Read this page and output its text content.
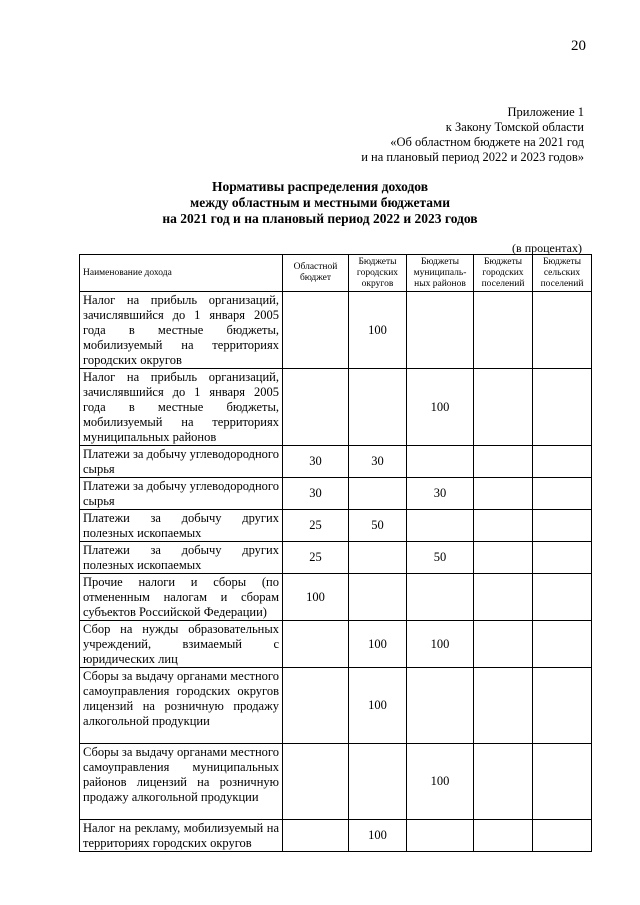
20
Приложение 1
к Закону Томской области
«Об областном бюджете на 2021 год
и на плановый период 2022 и 2023 годов»
Нормативы распределения доходов
между областным и местными бюджетами
на 2021 год и на плановый период 2022 и 2023 годов
(в процентах)
Наименование дохода	Областной бюджет	Бюджеты городских округов	Бюджеты муниципаль-ных районов	Бюджеты городских поселений	Бюджеты сельских поселений
Налог на прибыль организаций, зачислявшийся до 1 января 2005 года в местные бюджеты, мобилизуемый на территориях городских округов		100			
Налог на прибыль организаций, зачислявшийся до 1 января 2005 года в местные бюджеты, мобилизуемый на территориях муниципальных районов			100		
Платежи за добычу углеводородного сырья	30	30			
Платежи за добычу углеводородного сырья	30		30		
Платежи за добычу других полезных ископаемых	25	50			
Платежи за добычу других полезных ископаемых	25		50		
Прочие налоги и сборы (по отмененным налогам и сборам субъектов Российской Федерации)	100				
Сбор на нужды образовательных учреждений, взимаемый с юридических лиц		100	100		
Сборы за выдачу органами местного самоуправления городских округов лицензий на розничную продажу алкогольной продукции		100			
Сборы за выдачу органами местного самоуправления муниципальных районов лицензий на розничную продажу алкогольной продукции			100		
Налог на рекламу, мобилизуемый на территориях городских округов		100			
